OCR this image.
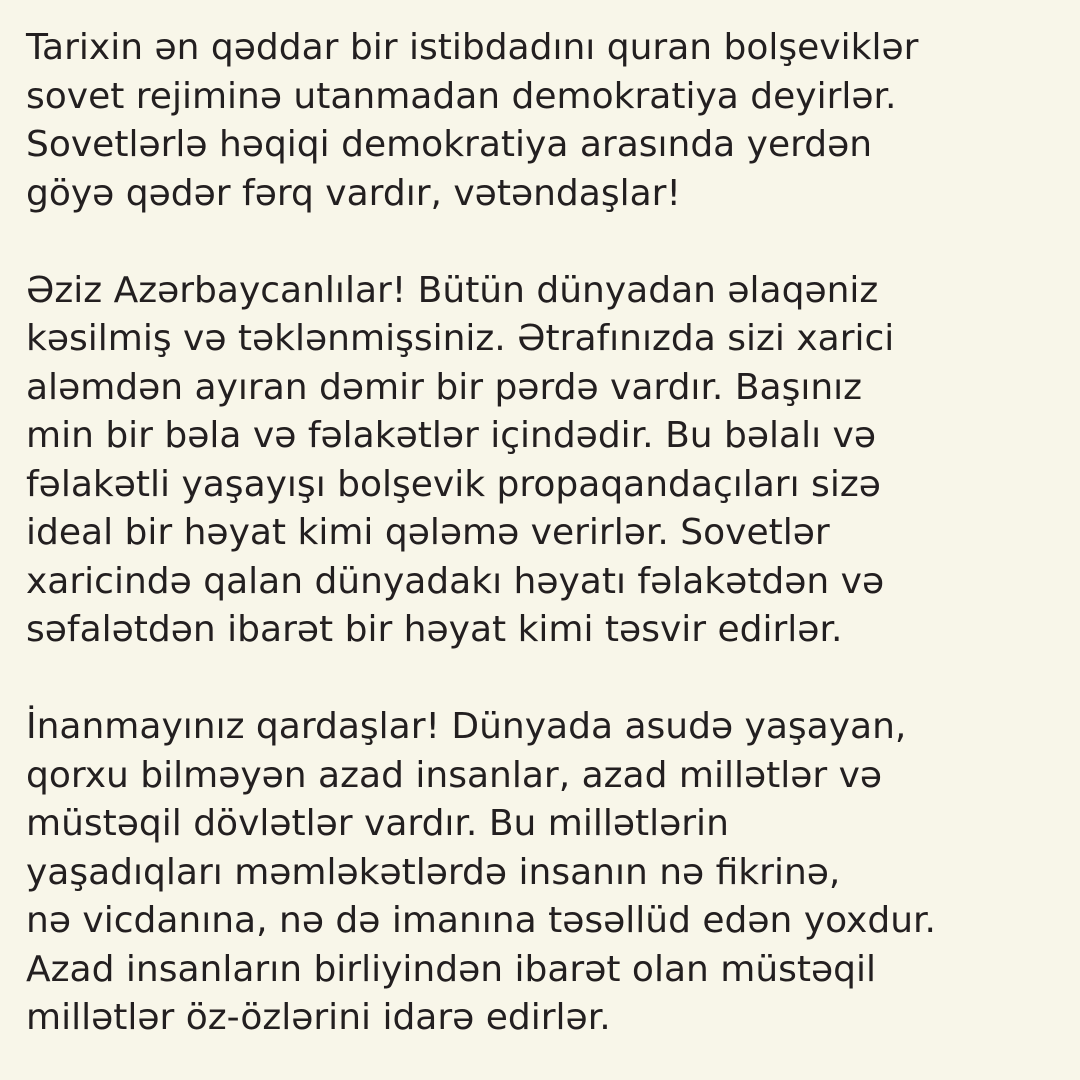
Tarixin ən qəddar bir istibdadını quran bolşeviklər
sovet rejiminə utanmadan demokratiya deyirlər.
Sovetlərlə həqiqi demokratiya arasında yerdən
göyə qədər fərq vardır, vətəndaşlar!
Əziz Azərbaycanlılar! Bütün dünyadan əlaqəniz
kəsilmiş və təklənmişsiniz. Ətrafınızda sizi xarici
aləmdən ayıran dəmir bir pərdə vardır. Başınız
min bir bəla və fəlakətlər içindədir. Bu bəlalı və
fəlakətli yaşayışı bolşevik propaqandaçıları sizə
ideal bir həyat kimi qələmə verirlər. Sovetlər
xaricində qalan dünyadakı həyatı fəlakətdən və
səfalətdən ibarət bir həyat kimi təsvir edirlər.
İnanmayınız qardaşlar! Dünyada asudə yaşayan,
qorxu bilməyən azad insanlar, azad millətlər və
müstəqil dövlətlər vardır. Bu millətlərin
yaşadıqları məmləkətlərdə insanın nə fikrinə,
nə vicdanına, nə də imanına təsəllüd edən yoxdur.
Azad insanların birliyindən ibarət olan müstəqil
millətlər öz-özlərini idarə edirlər.
